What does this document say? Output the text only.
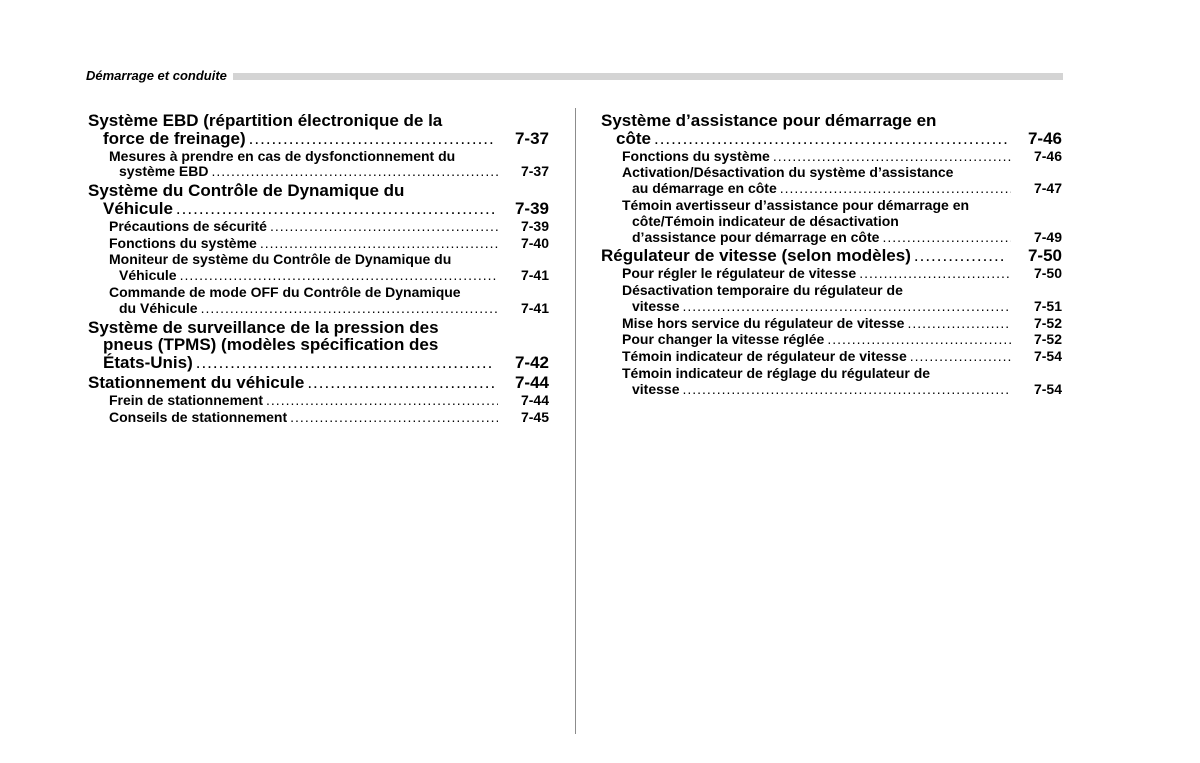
Démarrage et conduite
Système EBD (répartition électronique de la
force de freinage) .....	7-37
Mesures à prendre en cas de dysfonctionnement du
système EBD .....	7-37
Système du Contrôle de Dynamique du
Véhicule .....	7-39
Précautions de sécurité .....	7-39
Fonctions du système .....	7-40
Moniteur de système du Contrôle de Dynamique du
Véhicule .....	7-41
Commande de mode OFF du Contrôle de Dynamique
du Véhicule .....	7-41
Système de surveillance de la pression des
pneus (TPMS) (modèles spécification des
États-Unis) .....	7-42
Stationnement du véhicule .....	7-44
Frein de stationnement .....	7-44
Conseils de stationnement .....	7-45
Système d’assistance pour démarrage en
côte .....	7-46
Fonctions du système .....	7-46
Activation/Désactivation du système d’assistance
au démarrage en côte .....	7-47
Témoin avertisseur d’assistance pour démarrage en
côte/Témoin indicateur de désactivation
d’assistance pour démarrage en côte .....	7-49
Régulateur de vitesse (selon modèles) .....	7-50
Pour régler le régulateur de vitesse .....	7-50
Désactivation temporaire du régulateur de
vitesse .....	7-51
Mise hors service du régulateur de vitesse .....	7-52
Pour changer la vitesse réglée .....	7-52
Témoin indicateur de régulateur de vitesse .....	7-54
Témoin indicateur de réglage du régulateur de
vitesse .....	7-54
